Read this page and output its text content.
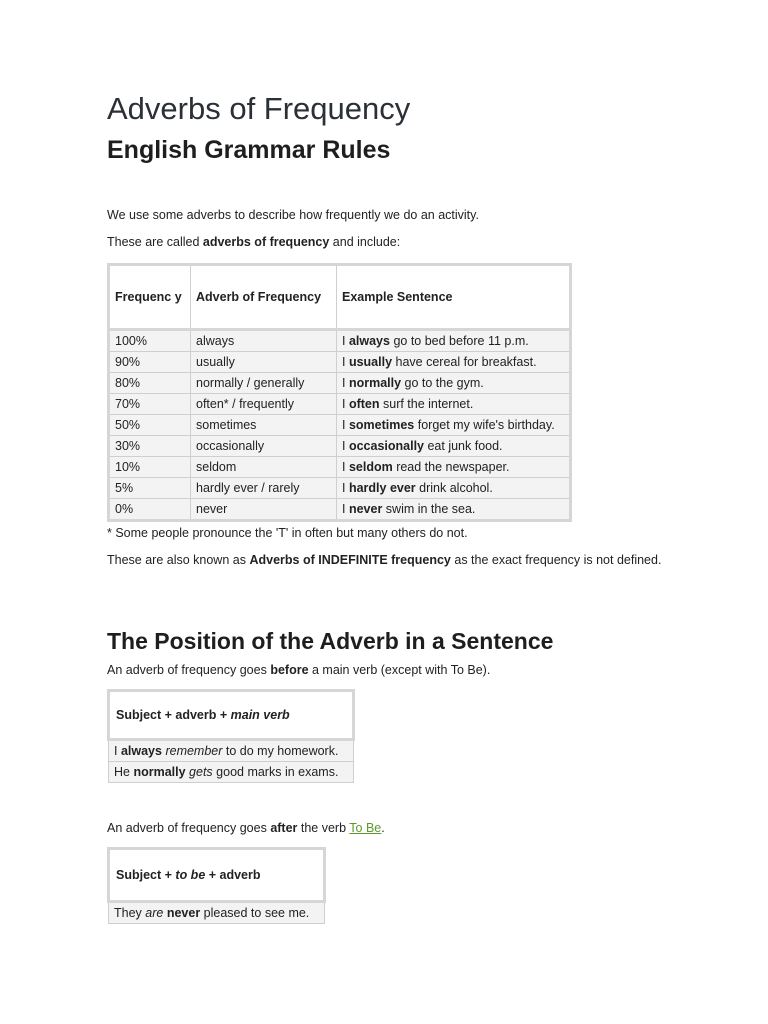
Adverbs of Frequency
English Grammar Rules

We use some adverbs to describe how frequently we do an activity.

These are called adverbs of frequency and include:

Frequenc y	Adverb of Frequency	Example Sentence
100%	always	I always go to bed before 11 p.m.
90%	usually	I usually have cereal for breakfast.
80%	normally / generally	I normally go to the gym.
70%	often* / frequently	I often surf the internet.
50%	sometimes	I sometimes forget my wife's birthday.
30%	occasionally	I occasionally eat junk food.
10%	seldom	I seldom read the newspaper.
5%	hardly ever / rarely	I hardly ever drink alcohol.
0%	never	I never swim in the sea.

* Some people pronounce the 'T' in often but many others do not.

These are also known as Adverbs of INDEFINITE frequency as the exact frequency is not defined.

The Position of the Adverb in a Sentence

An adverb of frequency goes before a main verb (except with To Be).

Subject + adverb + main verb
I always remember to do my homework.
He normally gets good marks in exams.

An adverb of frequency goes after the verb To Be.

Subject + to be + adverb
They are never pleased to see me.
